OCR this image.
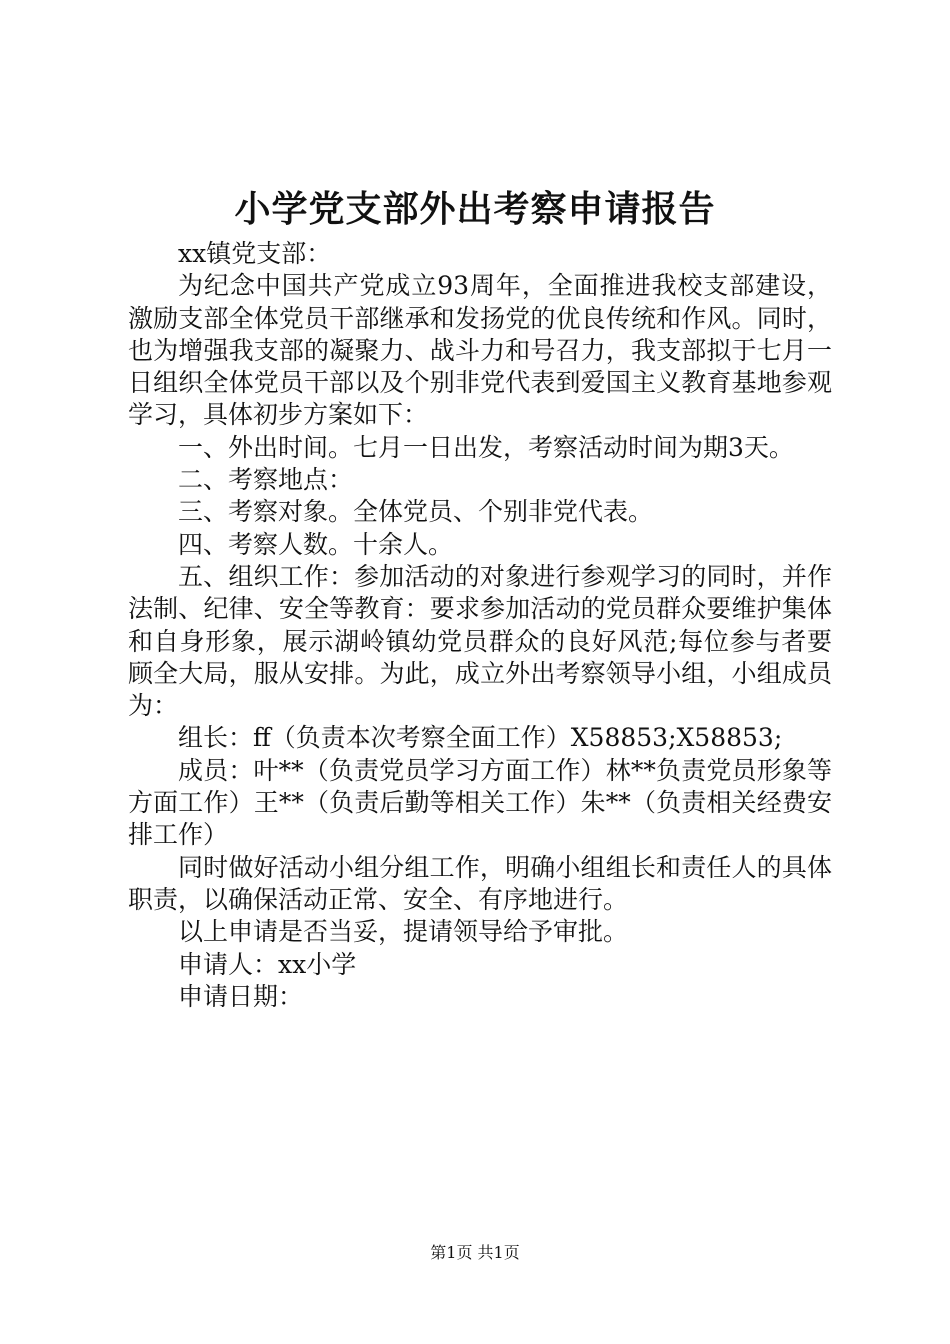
小学党支部外出考察申请报告

xx镇党支部：

为纪念中国共产党成立93周年，全面推进我校支部建设，激励支部全体党员干部继承和发扬党的优良传统和作风。同时，也为增强我支部的凝聚力、战斗力和号召力，我支部拟于七月一日组织全体党员干部以及个别非党代表到爱国主义教育基地参观学习，具体初步方案如下：

一、外出时间。七月一日出发，考察活动时间为期3天。

二、考察地点：

三、考察对象。全体党员、个别非党代表。

四、考察人数。十余人。

五、组织工作：参加活动的对象进行参观学习的同时，并作法制、纪律、安全等教育：要求参加活动的党员群众要维护集体和自身形象，展示湖岭镇幼党员群众的良好风范;每位参与者要顾全大局，服从安排。为此，成立外出考察领导小组，小组成员为：

组长：ff（负责本次考察全面工作）X58853;X58853;

成员：叶**（负责党员学习方面工作）林**负责党员形象等方面工作）王**（负责后勤等相关工作）朱**（负责相关经费安排工作）

同时做好活动小组分组工作，明确小组组长和责任人的具体职责，以确保活动正常、安全、有序地进行。

以上申请是否当妥，提请领导给予审批。

申请人：xx小学

申请日期：

第1页 共1页
